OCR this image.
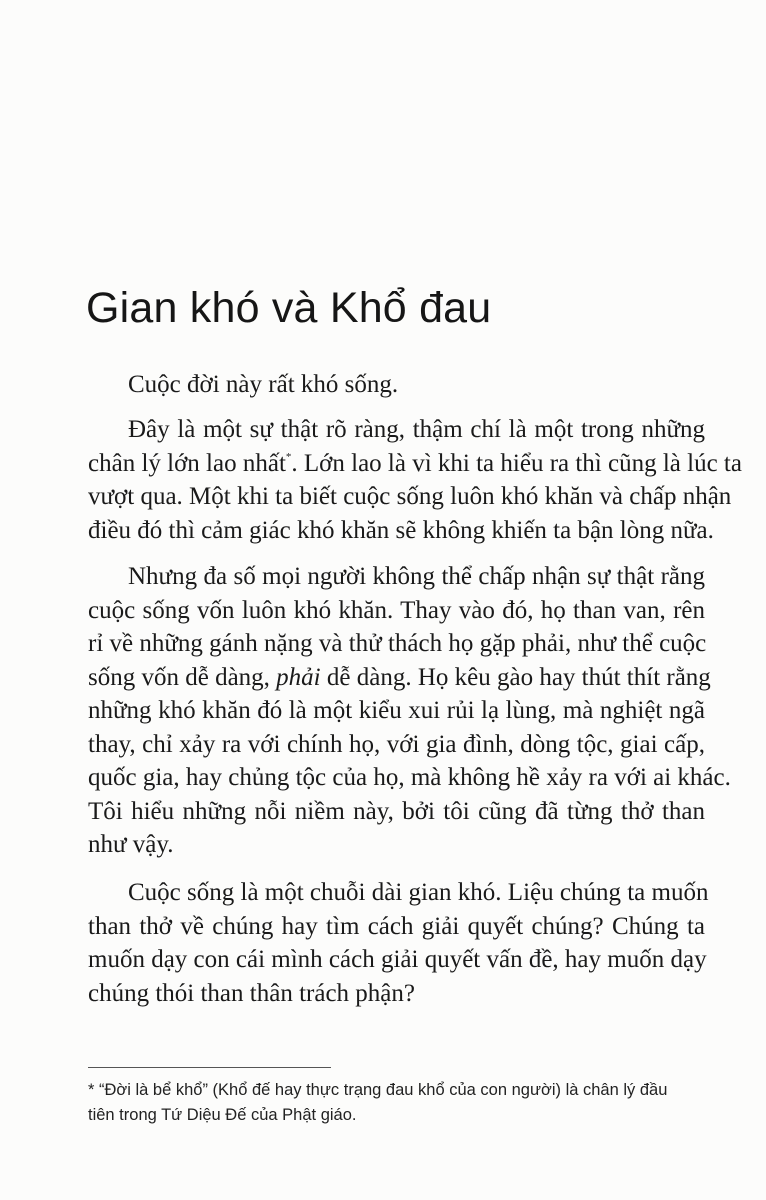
Gian khó và Khổ đau
Cuộc đời này rất khó sống.
Đây là một sự thật rõ ràng, thậm chí là một trong những
chân lý lớn lao nhất*. Lớn lao là vì khi ta hiểu ra thì cũng là lúc ta
vượt qua. Một khi ta biết cuộc sống luôn khó khăn và chấp nhận
điều đó thì cảm giác khó khăn sẽ không khiến ta bận lòng nữa.
Nhưng đa số mọi người không thể chấp nhận sự thật rằng
cuộc sống vốn luôn khó khăn. Thay vào đó, họ than van, rên
rỉ về những gánh nặng và thử thách họ gặp phải, như thể cuộc
sống vốn dễ dàng, phải dễ dàng. Họ kêu gào hay thút thít rằng
những khó khăn đó là một kiểu xui rủi lạ lùng, mà nghiệt ngã
thay, chỉ xảy ra với chính họ, với gia đình, dòng tộc, giai cấp,
quốc gia, hay chủng tộc của họ, mà không hề xảy ra với ai khác.
Tôi hiểu những nỗi niềm này, bởi tôi cũng đã từng thở than
như vậy.
Cuộc sống là một chuỗi dài gian khó. Liệu chúng ta muốn
than thở về chúng hay tìm cách giải quyết chúng? Chúng ta
muốn dạy con cái mình cách giải quyết vấn đề, hay muốn dạy
chúng thói than thân trách phận?
* “Đời là bể khổ” (Khổ đế hay thực trạng đau khổ của con người) là chân lý đầu
tiên trong Tứ Diệu Đế của Phật giáo.
